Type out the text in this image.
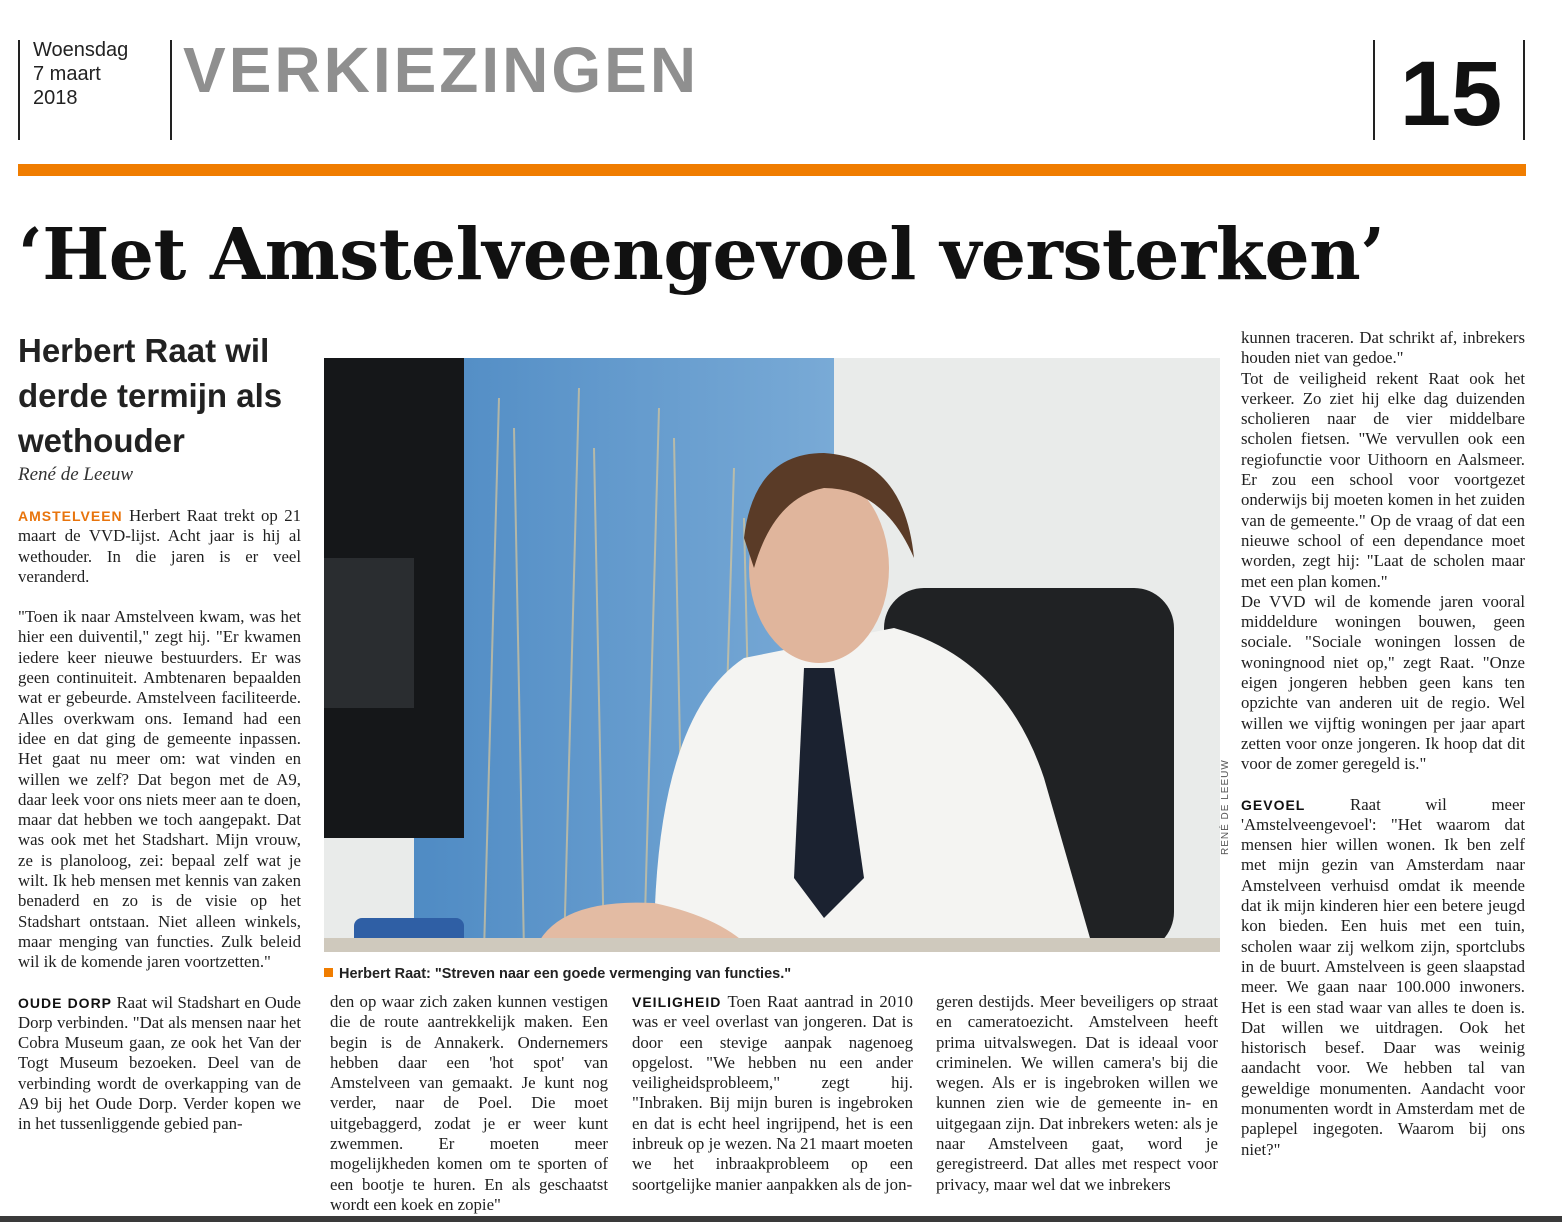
Woensdag
7 maart
2018	VERKIEZINGEN	15
‘Het Amstelveengevoel versterken’
Herbert Raat wil derde termijn als wethouder
René de Leeuw

AMSTELVEEN Herbert Raat trekt op 21 maart de VVD-lijst. Acht jaar is hij al wethouder. In die jaren is er veel veranderd.

"Toen ik naar Amstelveen kwam, was het hier een duiventil," zegt hij. "Er kwamen iedere keer nieuwe bestuurders. Er was geen continuiteit. Ambtenaren bepaalden wat er gebeurde. Amstelveen faciliteerde. Alles overkwam ons. Iemand had een idee en dat ging de gemeente inpassen. Het gaat nu meer om: wat vinden en willen we zelf? Dat begon met de A9, daar leek voor ons niets meer aan te doen, maar dat hebben we toch aangepakt. Dat was ook met het Stadshart. Mijn vrouw, ze is planoloog, zei: bepaal zelf wat je wilt. Ik heb mensen met kennis van zaken benaderd en zo is de visie op het Stadshart ontstaan. Niet alleen winkels, maar menging van functies. Zulk beleid wil ik de komende jaren voortzetten."

OUDE DORP Raat wil Stadshart en Oude Dorp verbinden. "Dat als mensen naar het Cobra Museum gaan, ze ook het Van der Togt Museum bezoeken. Deel van de verbinding wordt de overkapping van de A9 bij het Oude Dorp. Verder kopen we in het tussenliggende gebied pan-

RENÉ DE LEEUW
Herbert Raat: "Streven naar een goede vermenging van functies."

den op waar zich zaken kunnen vestigen die de route aantrekkelijk maken. Een begin is de Annakerk. Ondernemers hebben daar een 'hot spot' van Amstelveen van gemaakt. Je kunt nog verder, naar de Poel. Die moet uitgebaggerd, zodat je er weer kunt zwemmen. Er moeten meer mogelijkheden komen om te sporten of een bootje te huren. En als geschaatst wordt een koek en zopie"

VEILIGHEID Toen Raat aantrad in 2010 was er veel overlast van jongeren. Dat is door een stevige aanpak nagenoeg opgelost. "We hebben nu een ander veiligheidsprobleem," zegt hij. "Inbraken. Bij mijn buren is ingebroken en dat is echt heel ingrijpend, het is een inbreuk op je wezen. Na 21 maart moeten we het inbraakprobleem op een soortgelijke manier aanpakken als de jon-

geren destijds. Meer beveiligers op straat en cameratoezicht. Amstelveen heeft prima uitvalswegen. Dat is ideaal voor criminelen. We willen camera's bij die wegen. Als er is ingebroken willen we kunnen zien wie de gemeente in- en uitgegaan zijn. Dat inbrekers weten: als je naar Amstelveen gaat, word je geregistreerd. Dat alles met respect voor privacy, maar wel dat we inbrekers

kunnen traceren. Dat schrikt af, inbrekers houden niet van gedoe."

Tot de veiligheid rekent Raat ook het verkeer. Zo ziet hij elke dag duizenden scholieren naar de vier middelbare scholen fietsen. "We vervullen ook een regiofunctie voor Uithoorn en Aalsmeer. Er zou een school voor voortgezet onderwijs bij moeten komen in het zuiden van de gemeente." Op de vraag of dat een nieuwe school of een dependance moet worden, zegt hij: "Laat de scholen maar met een plan komen."

De VVD wil de komende jaren vooral middeldure woningen bouwen, geen sociale. "Sociale woningen lossen de woningnood niet op," zegt Raat. "Onze eigen jongeren hebben geen kans ten opzichte van anderen uit de regio. Wel willen we vijftig woningen per jaar apart zetten voor onze jongeren. Ik hoop dat dit voor de zomer geregeld is."

GEVOEL	Raat wil meer 'Amstelveengevoel': "Het waarom dat mensen hier willen wonen. Ik ben zelf met mijn gezin van Amsterdam naar Amstelveen verhuisd omdat ik meende dat ik mijn kinderen hier een betere jeugd kon bieden. Een huis met een tuin, scholen waar zij welkom zijn, sportclubs in de buurt. Amstelveen is geen slaapstad meer. We gaan naar 100.000 inwoners. Het is een stad waar van alles te doen is. Dat willen we uitdragen. Ook het historisch besef. Daar was weinig aandacht voor. We hebben tal van geweldige monumenten. Aandacht voor monumenten wordt in Amsterdam met de paplepel ingegoten. Waarom bij ons niet?"
